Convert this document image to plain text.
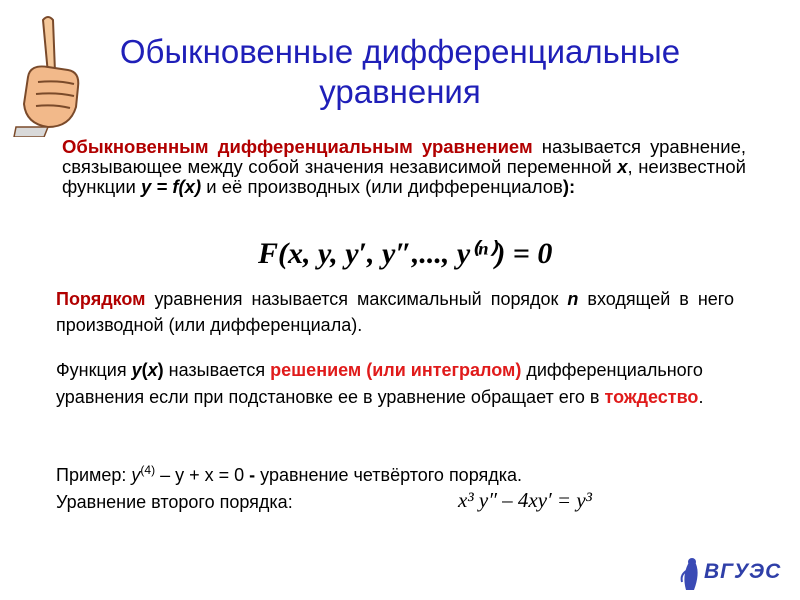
Обыкновенные дифференциальные
уравнения
Обыкновенным дифференциальным уравнением называется уравнение, связывающее между собой значения независимой переменной x, неизвестной функции y = f(x) и её производных (или дифференциалов):
F(x, y, y′, y″,..., y⁽ⁿ⁾) = 0
Порядком уравнения называется максимальный порядок n входящей в него производной (или дифференциала).
Функция y(x) называется решением (или интегралом) дифференциального уравнения если при подстановке ее в уравнение обращает его в тождество.
Пример: $y^{(4)} - y + x = 0$ - уравнение четвёртого порядка. Уравнение второго порядка:	x³ y″ – 4xy′ = y³
ВГУЭС
